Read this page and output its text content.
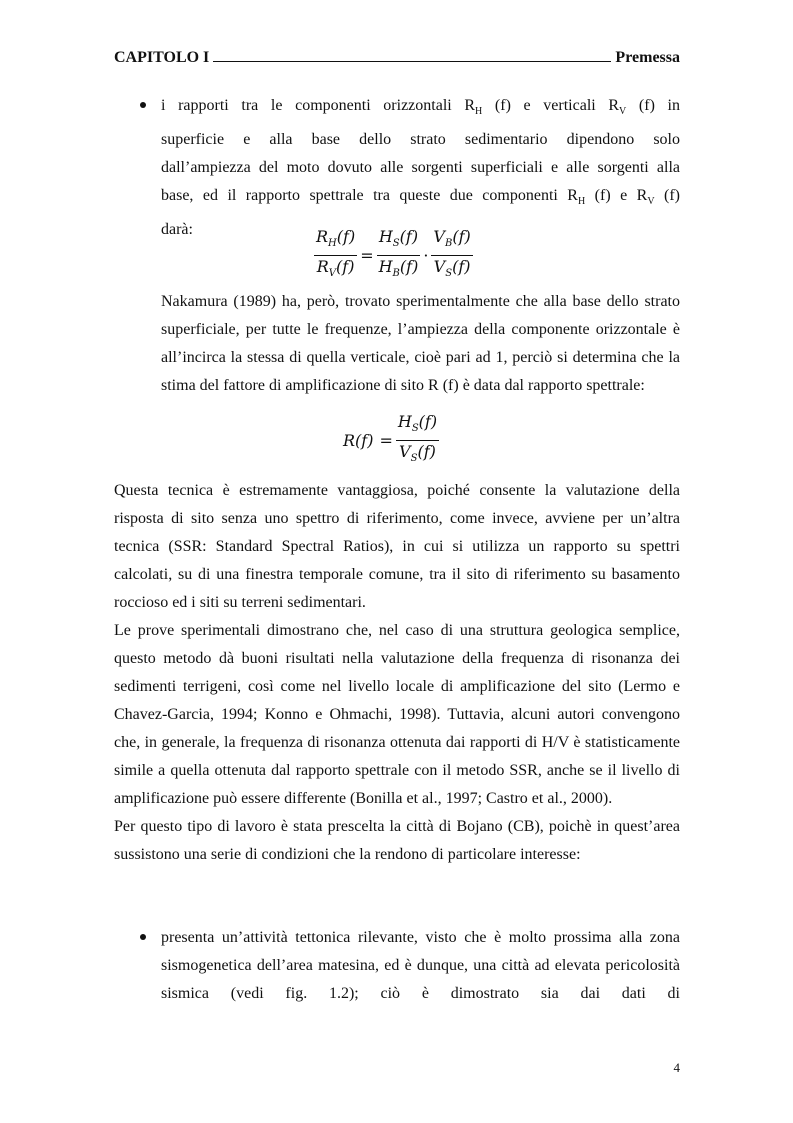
CAPITOLO I	Premessa
i rapporti tra le componenti orizzontali $R_H$ (f) e verticali $R_V$ (f) in
superficie e alla base dello strato sedimentario dipendono solo
dall’ampiezza del moto dovuto alle sorgenti superficiali e alle sorgenti alla
base, ed il rapporto spettrale tra queste due componenti $R_H$ (f) e $R_V$ (f)
darà:	$\frac{R_H(f)}{R_V(f)} = \frac{H_S(f)}{H_B(f)} \cdot \frac{V_B(f)}{V_S(f)}$
Nakamura (1989) ha, però, trovato sperimentalmente che alla base dello strato superficiale, per tutte le frequenze, l’ampiezza della componente orizzontale è all’incirca la stessa di quella verticale, cioè pari ad 1, perciò si determina che la stima del fattore di amplificazione di sito R (f) è data dal rapporto spettrale:
$R(f) = \frac{H_S(f)}{V_S(f)}$
Questa tecnica è estremamente vantaggiosa, poiché consente la valutazione della risposta di sito senza uno spettro di riferimento, come invece, avviene per un’altra tecnica (SSR: Standard Spectral Ratios), in cui si utilizza un rapporto su spettri calcolati, su di una finestra temporale comune, tra il sito di riferimento su basamento roccioso ed i siti su terreni sedimentari.
Le prove sperimentali dimostrano che, nel caso di una struttura geologica semplice, questo metodo dà buoni risultati nella valutazione della frequenza di risonanza dei sedimenti terrigeni, così come nel livello locale di amplificazione del sito (Lermo e Chavez-Garcia, 1994; Konno e Ohmachi, 1998). Tuttavia, alcuni autori convengono che, in generale, la frequenza di risonanza ottenuta dai rapporti di H/V è statisticamente simile a quella ottenuta dal rapporto spettrale con il metodo SSR, anche se il livello di amplificazione può essere differente (Bonilla et al., 1997; Castro et al., 2000).
Per questo tipo di lavoro è stata prescelta la città di Bojano (CB), poichè in quest’area sussistono una serie di condizioni che la rendono di particolare interesse:
presenta un’attività tettonica rilevante, visto che è molto prossima alla zona sismogenetica dell’area matesina, ed è dunque, una città ad elevata pericolosità sismica (vedi fig. 1.2); ciò è dimostrato sia dai dati di
4
